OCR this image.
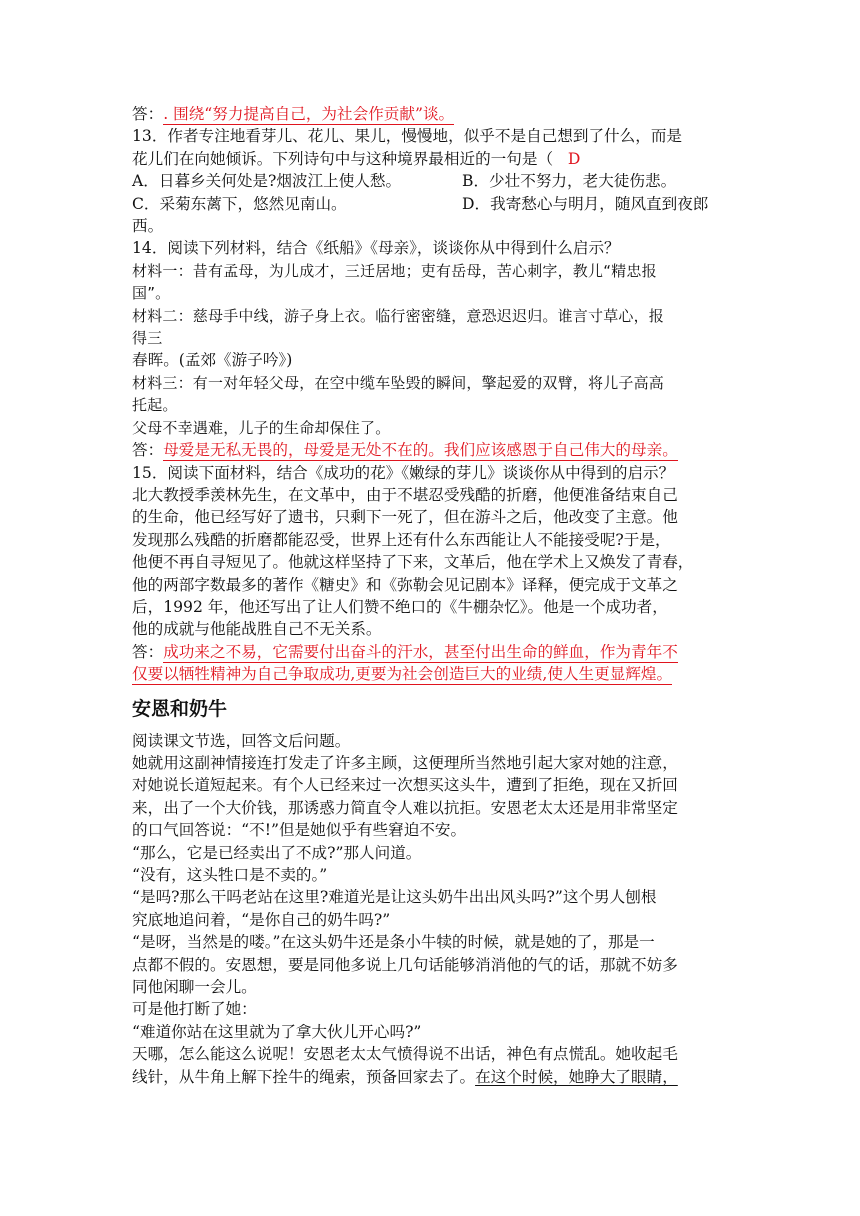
答：. 围绕“努力提高自己，为社会作贡献”谈。
13．作者专注地看芽儿、花儿、果儿，慢慢地，似乎不是自己想到了什么，而是
花儿们在向她倾诉。下列诗句中与这种境界最相近的一句是（ D
A．日暮乡关何处是?烟波江上使人愁。	B．少壮不努力，老大徒伤悲。
C．采菊东蓠下，悠然见南山。	D．我寄愁心与明月，随风直到夜郎
西。
14．阅读下列材料，结合《纸船》《母亲》，谈谈你从中得到什么启示？
材料一：昔有孟母，为儿成才，三迁居地；吏有岳母，苦心刺字，教儿“精忠报
国”。
材料二：慈母手中线，游子身上衣。临行密密缝，意恐迟迟归。谁言寸草心，报
得三
春晖。(孟郊《游子吟》)
材料三：有一对年轻父母，在空中缆车坠毁的瞬间，擎起爱的双臂，将儿子高高
托起。
父母不幸遇难，儿子的生命却保住了。
答：母爱是无私无畏的，母爱是无处不在的。我们应该感恩于自己伟大的母亲。
15．阅读下面材料，结合《成功的花》《嫩绿的芽儿》谈谈你从中得到的启示？
北大教授季羡林先生，在文革中，由于不堪忍受残酷的折磨，他便准备结束自己
的生命，他已经写好了遗书，只剩下一死了，但在游斗之后，他改变了主意。他
发现那么残酷的折磨都能忍受，世界上还有什么东西能让人不能接受呢?于是，
他便不再自寻短见了。他就这样坚持了下来，文革后，他在学术上又焕发了青春，
他的两部字数最多的著作《糖史》和《弥勒会见记剧本》译释，便完成于文革之
后，1992 年，他还写出了让人们赞不绝口的《牛棚杂忆》。他是一个成功者，
他的成就与他能战胜自己不无关系。
答：成功来之不易，它需要付出奋斗的汗水，甚至付出生命的鲜血，作为青年不
仅要以牺牲精神为自己争取成功,更要为社会创造巨大的业绩,使人生更显辉煌。
安恩和奶牛
阅读课文节选，回答文后问题。
她就用这副神情接连打发走了许多主顾，这便理所当然地引起大家对她的注意，
对她说长道短起来。有个人已经来过一次想买这头牛，遭到了拒绝，现在又折回
来，出了一个大价钱，那诱惑力简直令人难以抗拒。安恩老太太还是用非常坚定
的口气回答说：“不!”但是她似乎有些窘迫不安。
“那么，它是已经卖出了不成?”那人问道。
“没有，这头牲口是不卖的。”
“是吗?那么干吗老站在这里?难道光是让这头奶牛出出风头吗?”这个男人刨根
究底地追问着，“是你自己的奶牛吗?”
“是呀，当然是的喽。”在这头奶牛还是条小牛犊的时候，就是她的了，那是一
点都不假的。安恩想，要是同他多说上几句话能够消消他的气的话，那就不妨多
同他闲聊一会儿。
可是他打断了她：
“难道你站在这里就为了拿大伙儿开心吗?”
天哪，怎么能这么说呢！安恩老太太气愤得说不出话，神色有点慌乱。她收起毛
线针，从牛角上解下拴牛的绳索，预备回家去了。在这个时候，她睁大了眼睛，
